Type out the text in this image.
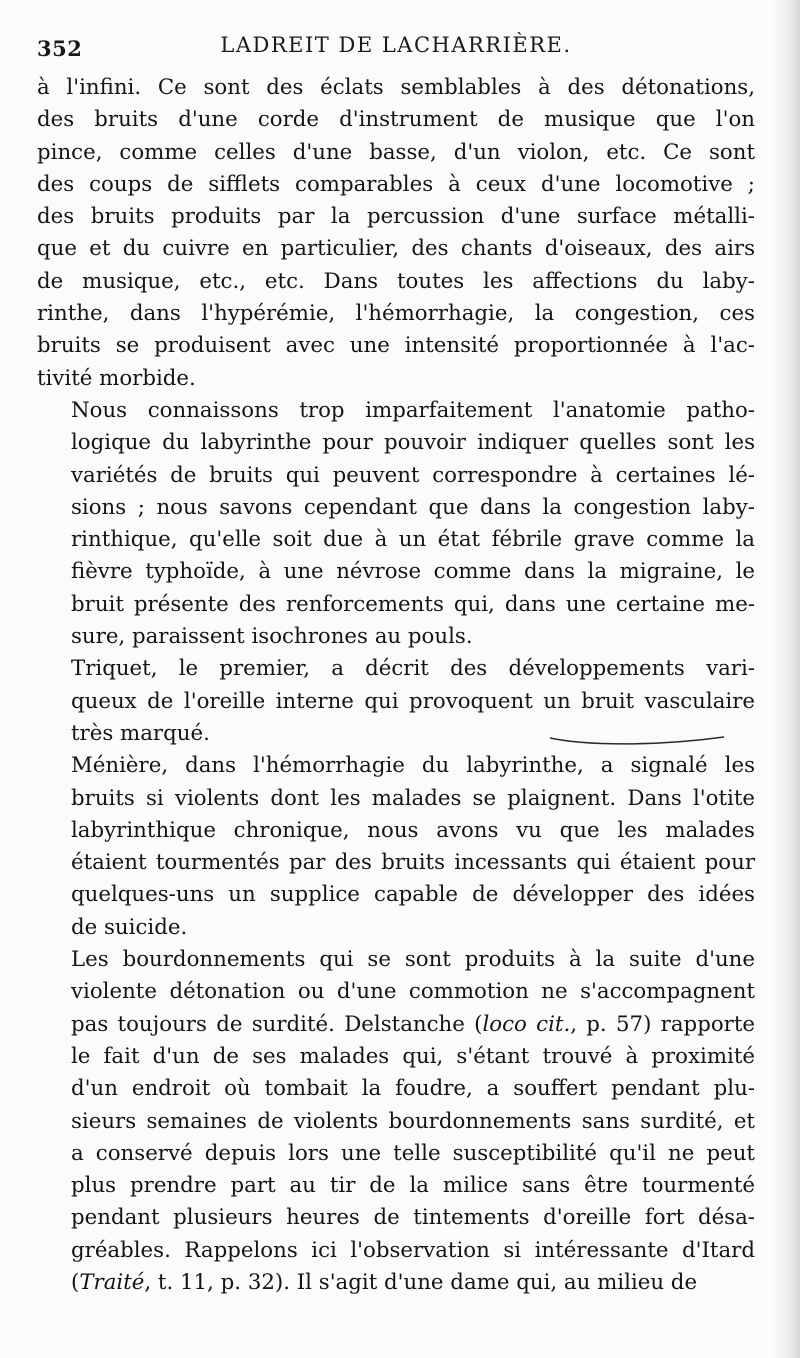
352	LADREIT DE LACHARRIÈRE.
à l'infini. Ce sont des éclats semblables à des détonations,
des bruits d'une corde d'instrument de musique que l'on
pince, comme celles d'une basse, d'un violon, etc. Ce sont
des coups de sifflets comparables à ceux d'une locomotive ;
des bruits produits par la percussion d'une surface métalli-
que et du cuivre en particulier, des chants d'oiseaux, des airs
de musique, etc., etc. Dans toutes les affections du laby-
rinthe, dans l'hypérémie, l'hémorrhagie, la congestion, ces
bruits se produisent avec une intensité proportionnée à l'ac-
tivité morbide.
Nous connaissons trop imparfaitement l'anatomie patho-
logique du labyrinthe pour pouvoir indiquer quelles sont les
variétés de bruits qui peuvent correspondre à certaines lé-
sions ; nous savons cependant que dans la congestion laby-
rinthique, qu'elle soit due à un état fébrile grave comme la
fièvre typhoïde, à une névrose comme dans la migraine, le
bruit présente des renforcements qui, dans une certaine me-
sure, paraissent isochrones au pouls.
Triquet, le premier, a décrit des développements vari-
queux de l'oreille interne qui provoquent un bruit vasculaire
très marqué.
Ménière, dans l'hémorrhagie du labyrinthe, a signalé les
bruits si violents dont les malades se plaignent. Dans l'otite
labyrinthique chronique, nous avons vu que les malades
étaient tourmentés par des bruits incessants qui étaient pour
quelques-uns un supplice capable de développer des idées
de suicide.
Les bourdonnements qui se sont produits à la suite d'une
violente détonation ou d'une commotion ne s'accompagnent
pas toujours de surdité. Delstanche (loco cit., p. 57) rapporte
le fait d'un de ses malades qui, s'étant trouvé à proximité
d'un endroit où tombait la foudre, a souffert pendant plu-
sieurs semaines de violents bourdonnements sans surdité, et
a conservé depuis lors une telle susceptibilité qu'il ne peut
plus prendre part au tir de la milice sans être tourmenté
pendant plusieurs heures de tintements d'oreille fort désa-
gréables. Rappelons ici l'observation si intéressante d'Itard
(Traité, t. 11, p. 32). Il s'agit d'une dame qui, au milieu de
